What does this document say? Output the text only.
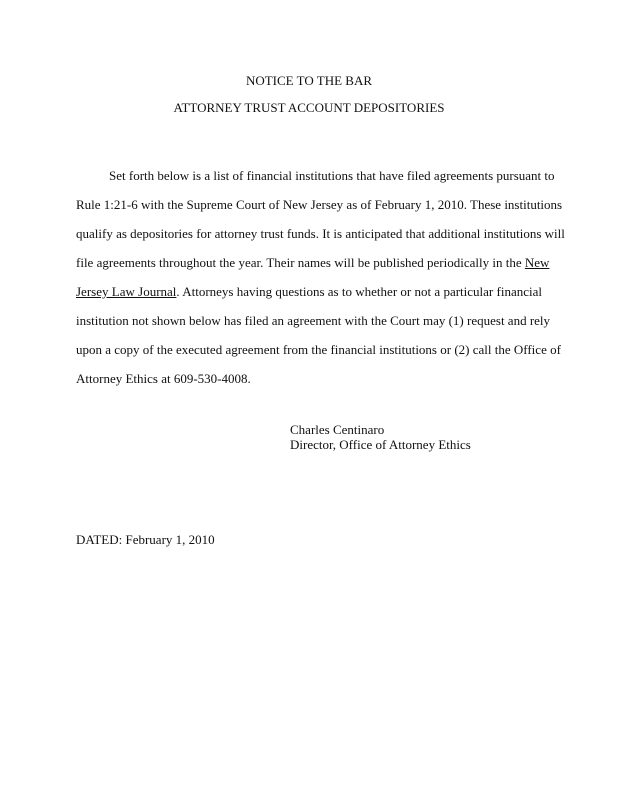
NOTICE TO THE BAR
ATTORNEY TRUST ACCOUNT DEPOSITORIES
Set forth below is a list of financial institutions that have filed agreements pursuant to
Rule 1:21-6 with the Supreme Court of New Jersey as of February 1, 2010. These institutions
qualify as depositories for attorney trust funds. It is anticipated that additional institutions will
file agreements throughout the year. Their names will be published periodically in the New
Jersey Law Journal. Attorneys having questions as to whether or not a particular financial
institution not shown below has filed an agreement with the Court may (1) request and rely
upon a copy of the executed agreement from the financial institutions or (2) call the Office of
Attorney Ethics at 609-530-4008.
Charles Centinaro
Director, Office of Attorney Ethics
DATED: February 1, 2010
